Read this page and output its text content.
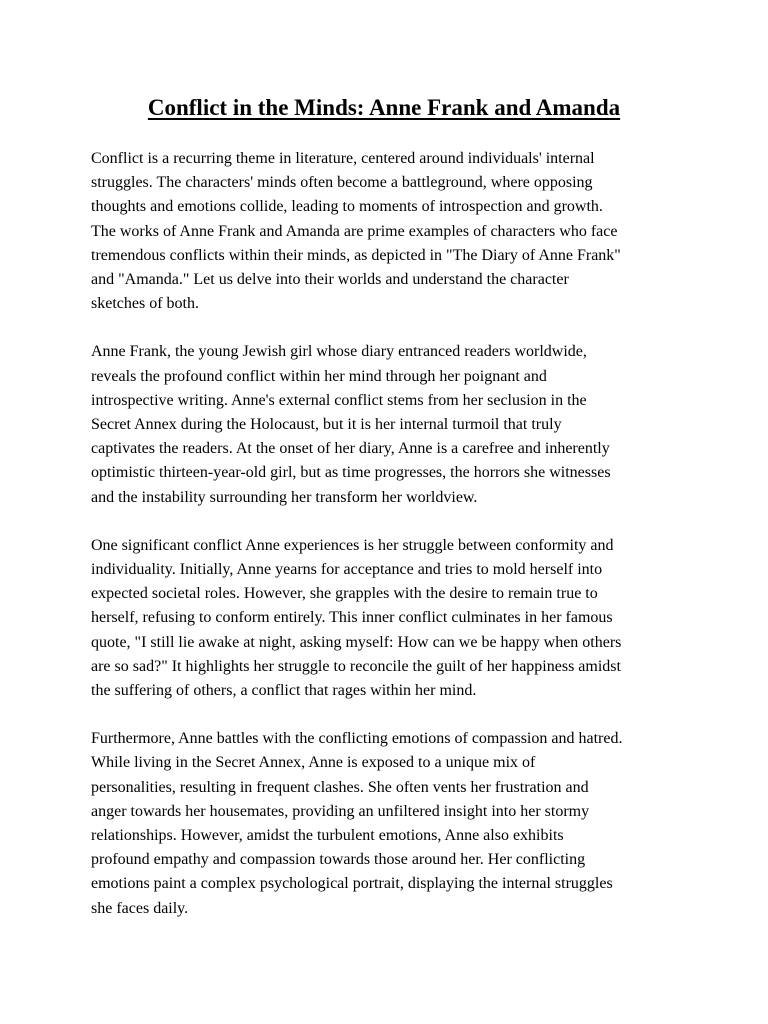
Conflict in the Minds: Anne Frank and Amanda

Conflict is a recurring theme in literature, centered around individuals' internal
struggles. The characters' minds often become a battleground, where opposing
thoughts and emotions collide, leading to moments of introspection and growth.
The works of Anne Frank and Amanda are prime examples of characters who face
tremendous conflicts within their minds, as depicted in "The Diary of Anne Frank"
and "Amanda." Let us delve into their worlds and understand the character
sketches of both.

Anne Frank, the young Jewish girl whose diary entranced readers worldwide,
reveals the profound conflict within her mind through her poignant and
introspective writing. Anne's external conflict stems from her seclusion in the
Secret Annex during the Holocaust, but it is her internal turmoil that truly
captivates the readers. At the onset of her diary, Anne is a carefree and inherently
optimistic thirteen-year-old girl, but as time progresses, the horrors she witnesses
and the instability surrounding her transform her worldview.

One significant conflict Anne experiences is her struggle between conformity and
individuality. Initially, Anne yearns for acceptance and tries to mold herself into
expected societal roles. However, she grapples with the desire to remain true to
herself, refusing to conform entirely. This inner conflict culminates in her famous
quote, "I still lie awake at night, asking myself: How can we be happy when others
are so sad?" It highlights her struggle to reconcile the guilt of her happiness amidst
the suffering of others, a conflict that rages within her mind.

Furthermore, Anne battles with the conflicting emotions of compassion and hatred.
While living in the Secret Annex, Anne is exposed to a unique mix of
personalities, resulting in frequent clashes. She often vents her frustration and
anger towards her housemates, providing an unfiltered insight into her stormy
relationships. However, amidst the turbulent emotions, Anne also exhibits
profound empathy and compassion towards those around her. Her conflicting
emotions paint a complex psychological portrait, displaying the internal struggles
she faces daily.
